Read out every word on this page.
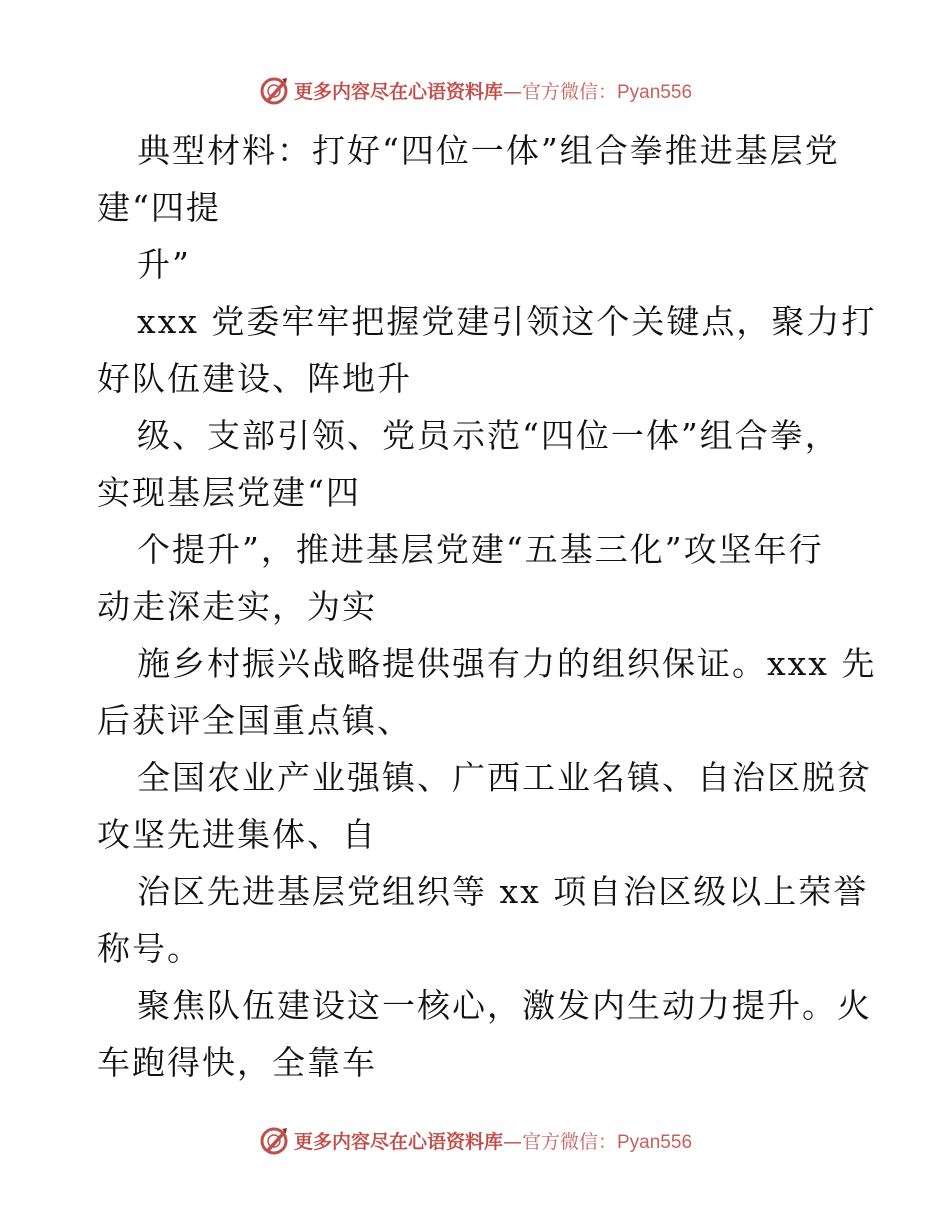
更多内容尽在心语资料库—官方微信：Pyan556
典型材料：打好“四位一体”组合拳推进基层党
建“四提
升”
xxx 党委牢牢把握党建引领这个关键点，聚力打
好队伍建设、阵地升
级、支部引领、党员示范“四位一体”组合拳，
实现基层党建“四
个提升”，推进基层党建“五基三化”攻坚年行
动走深走实，为实
施乡村振兴战略提供强有力的组织保证。xxx 先
后获评全国重点镇、
全国农业产业强镇、广西工业名镇、自治区脱贫
攻坚先进集体、自
治区先进基层党组织等 xx 项自治区级以上荣誉
称号。
聚焦队伍建设这一核心，激发内生动力提升。火
车跑得快，全靠车
更多内容尽在心语资料库—官方微信：Pyan556
